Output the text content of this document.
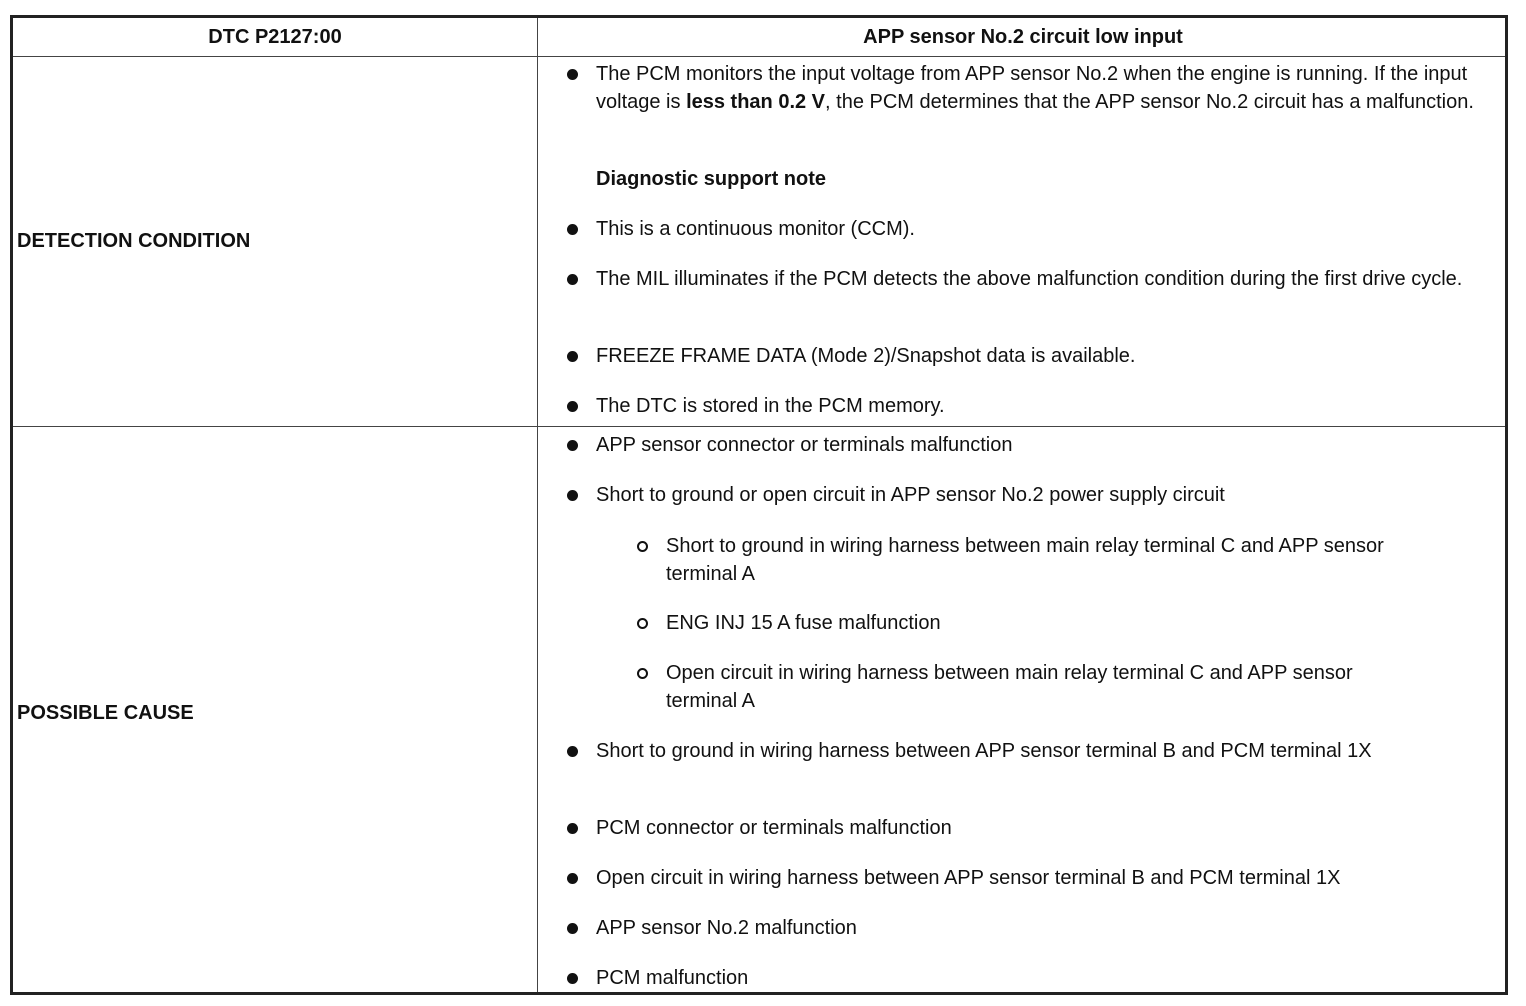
DTC P2127:00	APP sensor No.2 circuit low input
DETECTION CONDITION
POSSIBLE CAUSE
The PCM monitors the input voltage from APP sensor No.2 when the engine is running. If the input voltage is less than 0.2 V, the PCM determines that the APP sensor No.2 circuit has a malfunction.
Diagnostic support note
This is a continuous monitor (CCM).
The MIL illuminates if the PCM detects the above malfunction condition during the first drive cycle.
FREEZE FRAME DATA (Mode 2)/Snapshot data is available.
The DTC is stored in the PCM memory.
APP sensor connector or terminals malfunction
Short to ground or open circuit in APP sensor No.2 power supply circuit
Short to ground in wiring harness between main relay terminal C and APP sensor terminal A
ENG INJ 15 A fuse malfunction
Open circuit in wiring harness between main relay terminal C and APP sensor terminal A
Short to ground in wiring harness between APP sensor terminal B and PCM terminal 1X
PCM connector or terminals malfunction
Open circuit in wiring harness between APP sensor terminal B and PCM terminal 1X
APP sensor No.2 malfunction
PCM malfunction
